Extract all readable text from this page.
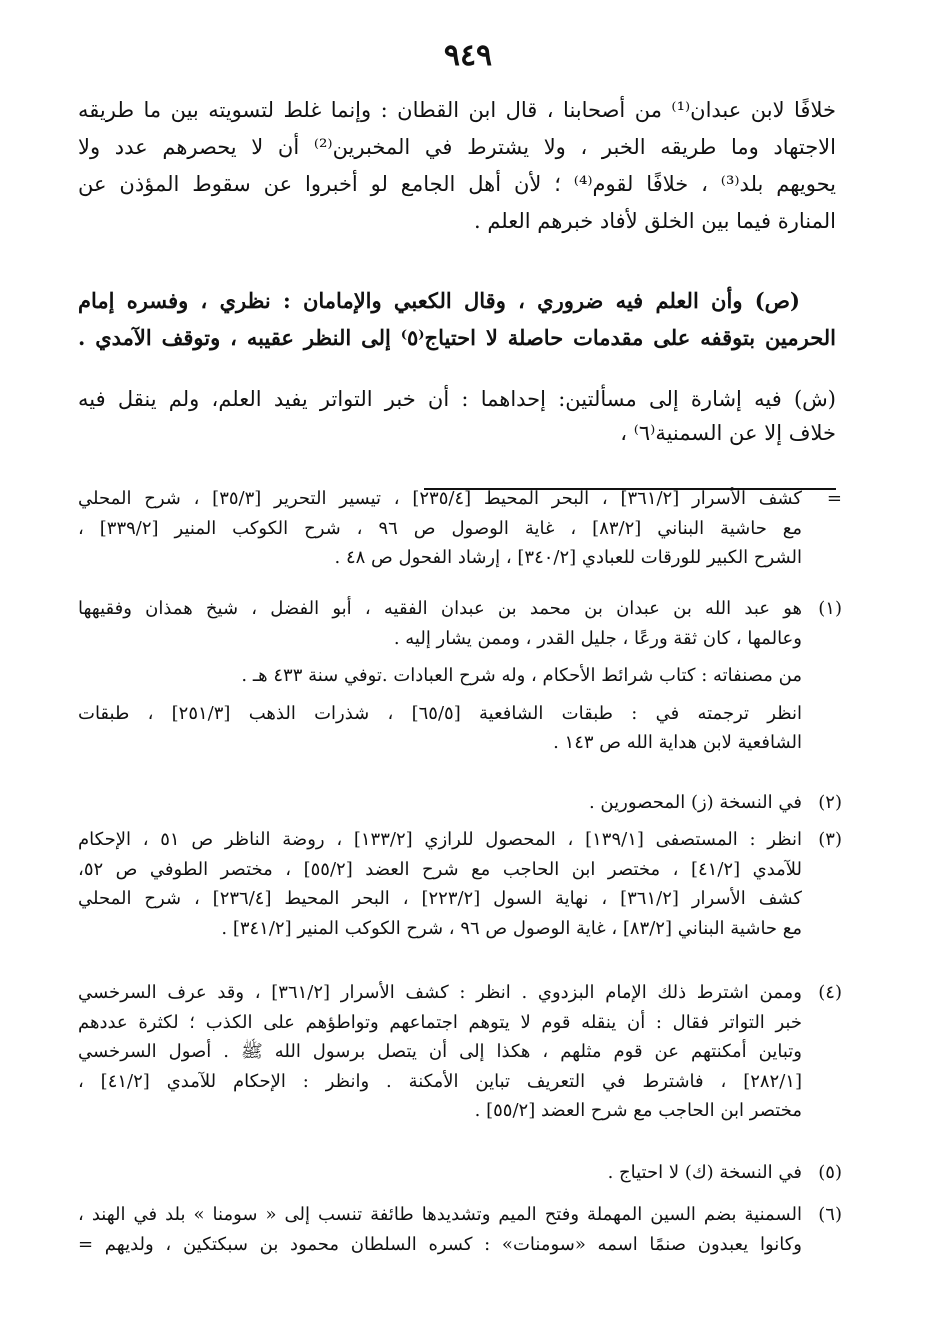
٩٤٩
خلافًا لابن عبدان⁽¹⁾ من أصحابنا ، قال ابن القطان : وإنما غلط لتسويته بين ما طريقه
الاجتهاد وما طريقه الخبر ، ولا يشترط في المخبرين⁽²⁾ أن لا يحصرهم عدد ولا
يحويهم بلد⁽³⁾ ، خلافًا لقوم⁽⁴⁾ ؛ لأن أهل الجامع لو أخبروا عن سقوط المؤذن عن
المنارة فيما بين الخلق لأفاد خبرهم العلم .
(ص) وأن العلم فيه ضروري ، وقال الكعبي والإمامان : نظري ، وفسره إمام
الحرمين بتوقفه على مقدمات حاصلة لا احتياج⁽٥⁾ إلى النظر عقيبه ، وتوقف الآمدي .
(ش) فيه إشارة إلى مسألتين: إحداهما : أن خبر التواتر يفيد العلم، ولم ينقل فيه
خلاف إلا عن السمنية⁽٦⁾ ،
=
كشف الأسرار [٣٦١/٢] ، البحر المحيط [٢٣٥/٤] ، تيسير التحرير [٣٥/٣] ، شرح المحلي
مع حاشية البناني [٨٣/٢] ، غاية الوصول ص ٩٦ ، شرح الكوكب المنير [٣٣٩/٢] ،
الشرح الكبير للورقات للعبادي [٣٤٠/٢] ، إرشاد الفحول ص ٤٨ .
(١)
هو عبد الله بن عبدان بن محمد بن عبدان الفقيه ، أبو الفضل ، شيخ همذان وفقيهها
وعالمها ، كان ثقة ورعًا ، جليل القدر ، وممن يشار إليه .
من مصنفاته : كتاب شرائط الأحكام ، وله شرح العبادات .توفي سنة ٤٣٣ هـ .
انظر ترجمته في : طبقات الشافعية [٦٥/٥] ، شذرات الذهب [٢٥١/٣] ، طبقات
الشافعية لابن هداية الله ص ١٤٣ .
(٢)
في النسخة (ز) المحصورين .
(٣)
انظر : المستصفى [١٣٩/١] ، المحصول للرازي [١٣٣/٢] ، روضة الناظر ص ٥١ ، الإحكام
للآمدي [٤١/٢] ، مختصر ابن الحاجب مع شرح العضد [٥٥/٢] ، مختصر الطوفي ص ٥٢،
كشف الأسرار [٣٦١/٢] ، نهاية السول [٢٢٣/٢] ، البحر المحيط [٢٣٦/٤] ، شرح المحلي
مع حاشية البناني [٨٣/٢] ، غاية الوصول ص ٩٦ ، شرح الكوكب المنير [٣٤١/٢] .
(٤)
وممن اشترط ذلك الإمام البزدوي . انظر : كشف الأسرار [٣٦١/٢] ، وقد عرف السرخسي
خبر التواتر فقال : أن ينقله قوم لا يتوهم اجتماعهم وتواطؤهم على الكذب ؛ لكثرة عددهم
وتباين أمكنتهم عن قوم مثلهم ، هكذا إلى أن يتصل برسول الله ﷺ . أصول السرخسي
[٢٨٢/١] ، فاشترط في التعريف تباين الأمكنة . وانظر : الإحكام للآمدي [٤١/٢] ،
مختصر ابن الحاجب مع شرح العضد [٥٥/٢] .
(٥)
في النسخة (ك) لا احتياج .
(٦)
السمنية بضم السين المهملة وفتح الميم وتشديدها طائفة تنسب إلى « سومنا » بلد في الهند ،
وكانوا يعبدون صنمًا اسمه «سومنات» : كسره السلطان محمود بن سبكتكين ، ولديهم =
